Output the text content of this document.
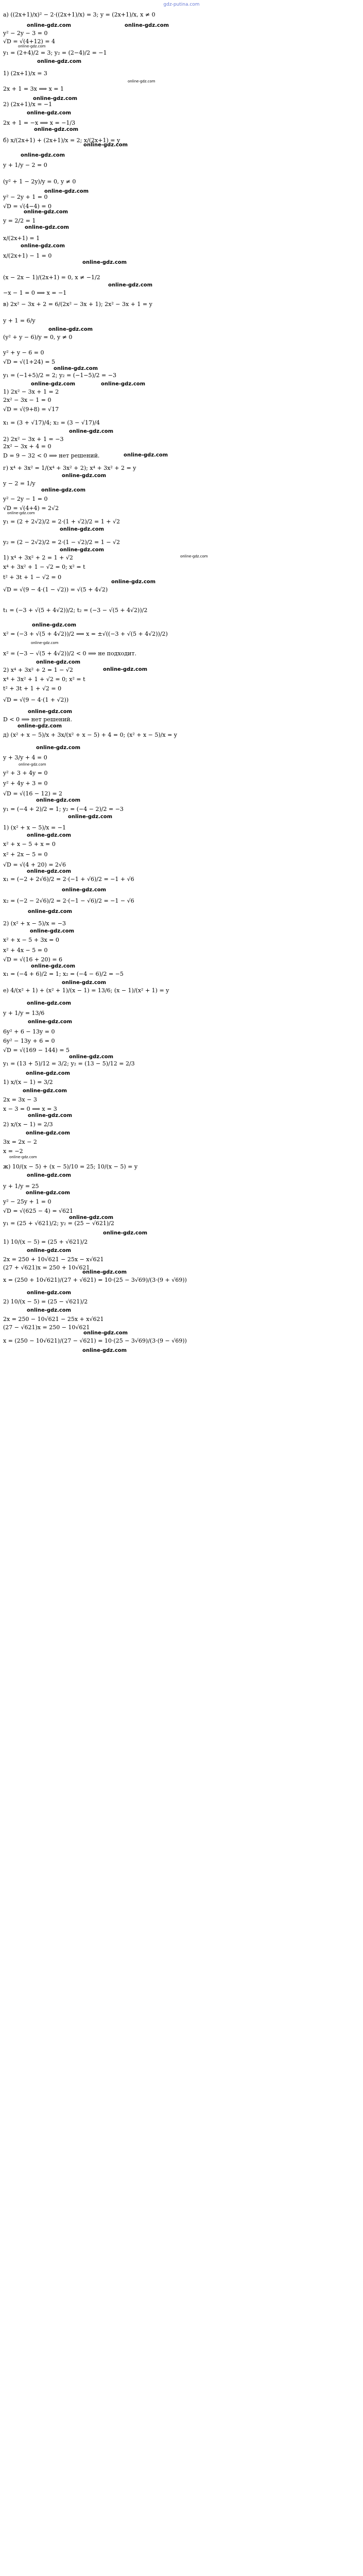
gdz-putina.com
a) ((2x+1)/x)² − 2·((2x+1)/x) = 3; y = (2x+1)/x, x ≠ 0
y² − 2y − 3 = 0
√D = √(4+12) = 4
y₁ = (2+4)/2 = 3; y₂ = (2−4)/2 = −1
1) (2x+1)/x = 3
2x + 1 = 3x ⟹ x = 1
2) (2x+1)/x = −1
2x + 1 = −x ⟹ x = −1/3
б) x/(2x+1) + (2x+1)/x = 2; x/(2x+1) = y
y + 1/y − 2 = 0
(y² + 1 − 2y)/y = 0, y ≠ 0
y² − 2y + 1 = 0
√D = √(4−4) = 0
y = 2/2 = 1
x/(2x+1) = 1
x/(2x+1) − 1 = 0
(x − 2x − 1)/(2x+1) = 0, x ≠ −1/2
−x − 1 = 0 ⟹ x = −1
в) 2x² − 3x + 2 = 6/(2x² − 3x + 1); 2x² − 3x + 1 = y
y + 1 = 6/y
(y² + y − 6)/y = 0, y ≠ 0
y² + y − 6 = 0
√D = √(1+24) = 5
y₁ = (−1+5)/2 = 2; y₂ = (−1−5)/2 = −3
1) 2x² − 3x + 1 = 2
2x² − 3x − 1 = 0
√D = √(9+8) = √17
x₁ = (3 + √17)/4; x₂ = (3 − √17)/4
2) 2x² − 3x + 1 = −3
2x² − 3x + 4 = 0
D = 9 − 32 < 0 ⟹ нет решений.
г) x⁴ + 3x² = 1/(x⁴ + 3x² + 2); x⁴ + 3x² + 2 = y
y − 2 = 1/y
y² − 2y − 1 = 0
√D = √(4+4) = 2√2
y₁ = (2 + 2√2)/2 = 2·(1 + √2)/2 = 1 + √2
y₂ = (2 − 2√2)/2 = 2·(1 − √2)/2 = 1 − √2
1) x⁴ + 3x² + 2 = 1 + √2
x⁴ + 3x² + 1 − √2 = 0; x² = t
t² + 3t + 1 − √2 = 0
√D = √(9 − 4·(1 − √2)) = √(5 + 4√2)
t₁ = (−3 + √(5 + 4√2))/2; t₂ = (−3 − √(5 + 4√2))/2
x² = (−3 + √(5 + 4√2))/2 ⟹ x = ±√((−3 + √(5 + 4√2))/2)
x² = (−3 − √(5 + 4√2))/2 < 0 ⟹ не подходит.
2) x⁴ + 3x² + 2 = 1 − √2
x⁴ + 3x² + 1 + √2 = 0; x² = t
t² + 3t + 1 + √2 = 0
√D = √(9 − 4·(1 + √2))
D < 0 ⟹ нет решений.
д) (x² + x − 5)/x + 3x/(x² + x − 5) + 4 = 0; (x² + x − 5)/x = y
y + 3/y + 4 = 0
y² + 3 + 4y = 0
y² + 4y + 3 = 0
√D = √(16 − 12) = 2
y₁ = (−4 + 2)/2 = 1; y₂ = (−4 − 2)/2 = −3
1) (x² + x − 5)/x = −1
x² + x − 5 + x = 0
x² + 2x − 5 = 0
√D = √(4 + 20) = 2√6
x₁ = (−2 + 2√6)/2 = 2·(−1 + √6)/2 = −1 + √6
x₂ = (−2 − 2√6)/2 = 2·(−1 − √6)/2 = −1 − √6
2) (x² + x − 5)/x = −3
x² + x − 5 + 3x = 0
x² + 4x − 5 = 0
√D = √(16 + 20) = 6
x₁ = (−4 + 6)/2 = 1; x₂ = (−4 − 6)/2 = −5
е) 4/(x² + 1) + (x² + 1)/(x − 1) = 13/6; (x − 1)/(x² + 1) = y
y + 1/y = 13/6
6y² + 6 − 13y = 0
6y² − 13y + 6 = 0
√D = √(169 − 144) = 5
y₁ = (13 + 5)/12 = 3/2; y₂ = (13 − 5)/12 = 2/3
1) x/(x − 1) = 3/2
2x = 3x − 3
x − 3 = 0 ⟹ x = 3
2) x/(x − 1) = 2/3
3x = 2x − 2
x = −2
ж) 10/(x − 5) + (x − 5)/10 = 25; 10/(x − 5) = y
y + 1/y = 25
y² − 25y + 1 = 0
√D = √(625 − 4) = √621
y₁ = (25 + √621)/2; y₂ = (25 − √621)/2
1) 10/(x − 5) = (25 + √621)/2
2x = 250 + 10√621 − 25x − x√621
(27 + √621)x = 250 + 10√621
x = (250 + 10√621)/(27 + √621) = 10·(25 − 3√69)/(3·(9 + √69))
2) 10/(x − 5) = (25 − √621)/2
2x = 250 − 10√621 − 25x + x√621
(27 − √621)x = 250 − 10√621
x = (250 − 10√621)/(27 − √621) = 10·(25 − 3√69)/(3·(9 − √69))
online-gdz.com	online-gdz.com
online-gdz.com
online-gdz.com
online-gdz.com
online-gdz.com
online-gdz.com
online-gdz.com
online-gdz.com
online-gdz.com
online-gdz.com
online-gdz.com
online-gdz.com
online-gdz.com
online-gdz.com
online-gdz.com
online-gdz.com
online-gdz.com
online-gdz.com	online-gdz.com
online-gdz.com
online-gdz.com
online-gdz.com
online-gdz.com
online-gdz.com
online-gdz.com
online-gdz.com
online-gdz.com
online-gdz.com
online-gdz.com
online-gdz.com
online-gdz.com
online-gdz.com
online-gdz.com
online-gdz.com
online-gdz.com
online-gdz.com
online-gdz.com
online-gdz.com
online-gdz.com
online-gdz.com
online-gdz.com
online-gdz.com
online-gdz.com
online-gdz.com
online-gdz.com
online-gdz.com
online-gdz.com
online-gdz.com
online-gdz.com
online-gdz.com
online-gdz.com
online-gdz.com
online-gdz.com
online-gdz.com
online-gdz.com
online-gdz.com
online-gdz.com
online-gdz.com
online-gdz.com
online-gdz.com
online-gdz.com
online-gdz.com
online-gdz.com
